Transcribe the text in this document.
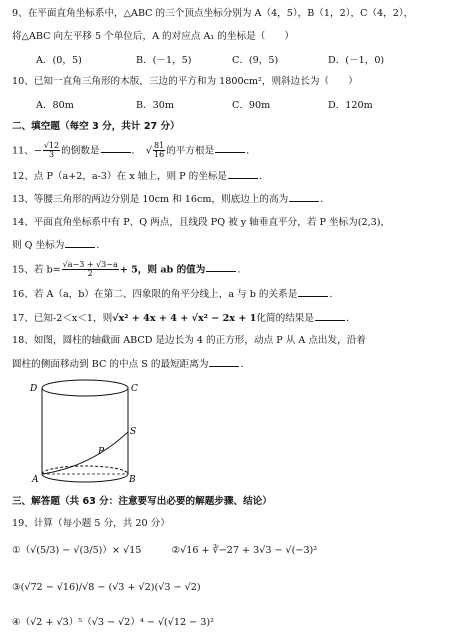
9、在平面直角坐标系中，△ABC 的三个顶点坐标分别为 A（4，5），B（1，2），C（4，2），
将△ABC 向左平移 5 个单位后，A 的对应点 A₁ 的坐标是（　　）
A．(0，5)	B．(－1，5)	C．(9，5)	D．(－1，0)
10、已知一直角三角形的木版，三边的平方和为 1800cm²，则斜边长为（　　）
A．80m	B．30m	C．90m	D．120m
二、填空题（每空 3 分，共计 27 分）
11、− $\frac{√12}{3}$ 的倒数是	．　√ $\frac{81}{16}$ 的平方根是	．
12、点 P（a+2，a-3）在 x 轴上，则 P 的坐标是	．
13、等腰三角形的两边分别是 10cm 和 16cm，则底边上的高为	．
14、平面直角坐标系中有 P、Q 两点，且线段 PQ 被 y 轴垂直平分，若 P 坐标为(2,3)，
则 Q 坐标为	．
15、若 $b= \frac{√a-3 + √3-a}{2} + 5$，则 ab 的值为	．
16、若 A（a，b）在第二、四象限的角平分线上，a 与 b 的关系是	．
17、已知-2＜x＜1，则√x² + 4x + 4 + √x² − 2x + 1化简的结果是	．
18、如图，圆柱的轴截面 ABCD 是边长为 4 的正方形，动点 P 从 A 点出发，沿着
圆柱的侧面移动到 BC 的中点 S 的最短距离为	．
D	C
A	B
P
S
三、解答题（共 63 分：注意要写出必要的解题步骤、结论）
19、计算（每小题 5 分，共 20 分）
①（√(5/3) − √(3/5)）× √15	②√16 + ∛−27 + 3√3 − √(−3)²
③(√72 − √16)/√8 − (√3 + √2)(√3 − √2)
④（√2 + √3）⁵（√3 − √2）⁴ − √(√12 − 3)²
